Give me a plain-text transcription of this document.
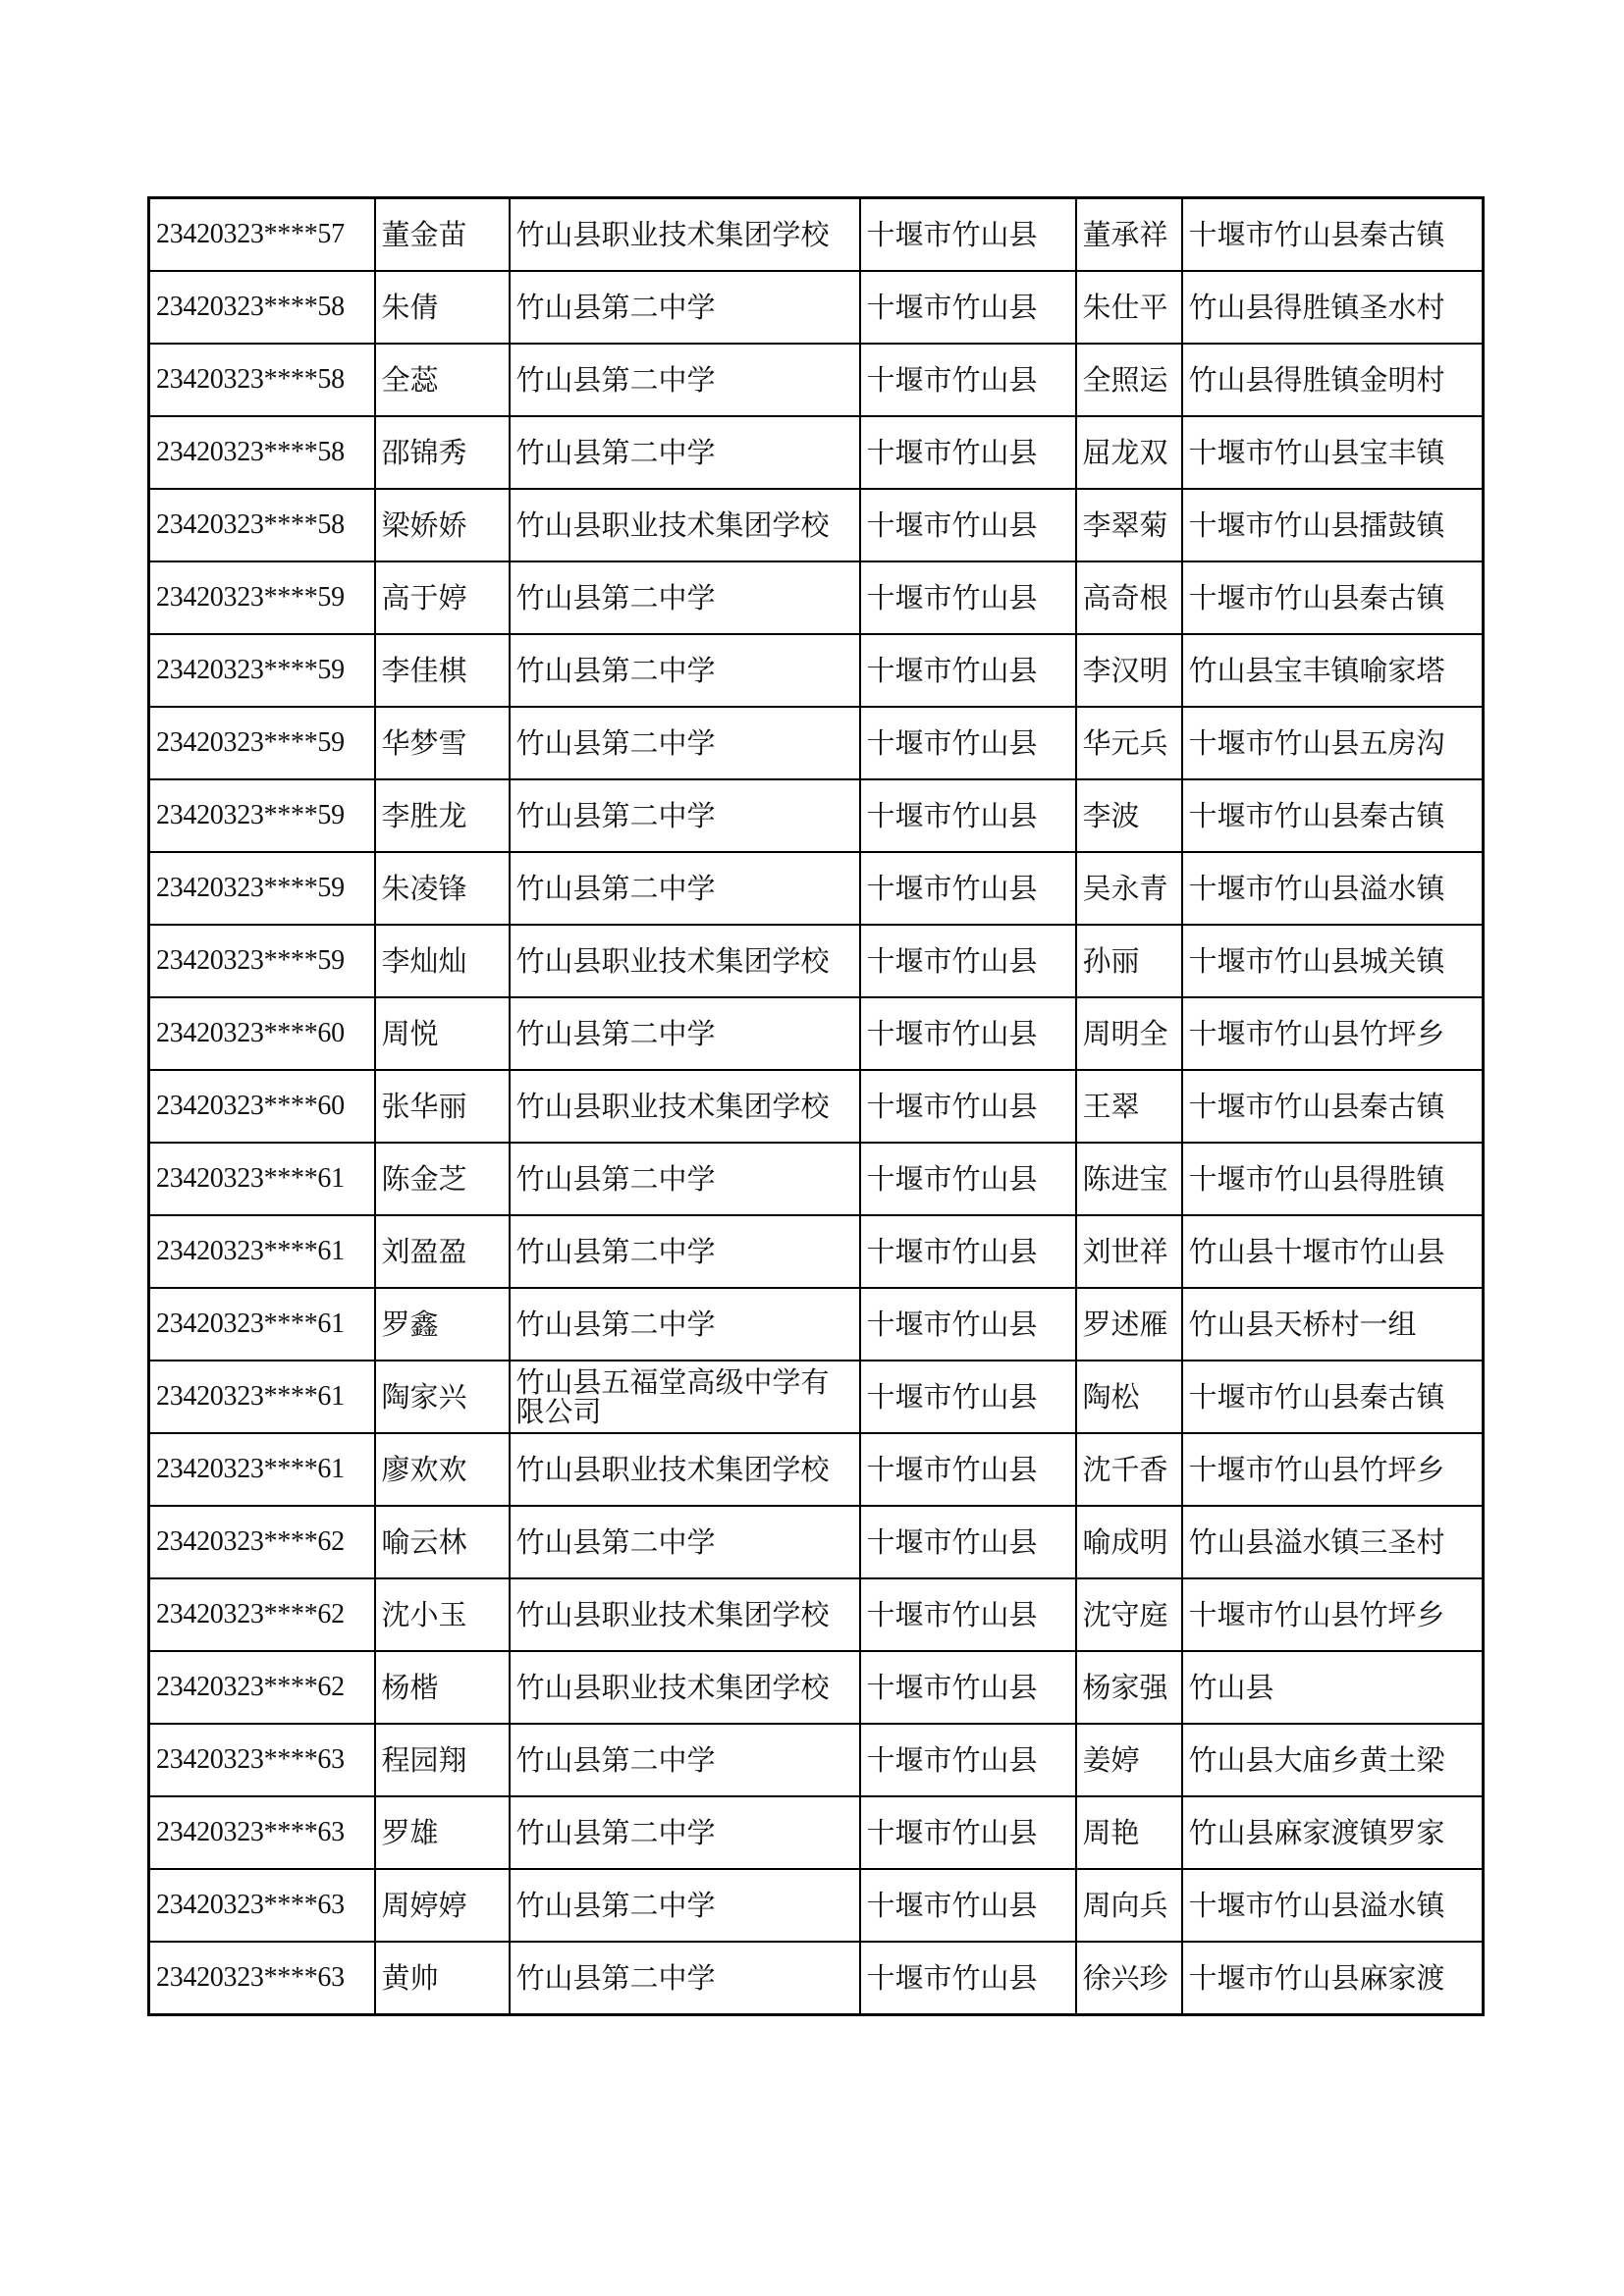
23420323****57	董金苗	竹山县职业技术集团学校	十堰市竹山县	董承祥	十堰市竹山县秦古镇
23420323****58	朱倩	竹山县第二中学	十堰市竹山县	朱仕平	竹山县得胜镇圣水村
23420323****58	全蕊	竹山县第二中学	十堰市竹山县	全照运	竹山县得胜镇金明村
23420323****58	邵锦秀	竹山县第二中学	十堰市竹山县	屈龙双	十堰市竹山县宝丰镇
23420323****58	梁娇娇	竹山县职业技术集团学校	十堰市竹山县	李翠菊	十堰市竹山县擂鼓镇
23420323****59	高于婷	竹山县第二中学	十堰市竹山县	高奇根	十堰市竹山县秦古镇
23420323****59	李佳棋	竹山县第二中学	十堰市竹山县	李汉明	竹山县宝丰镇喻家塔
23420323****59	华梦雪	竹山县第二中学	十堰市竹山县	华元兵	十堰市竹山县五房沟
23420323****59	李胜龙	竹山县第二中学	十堰市竹山县	李波	十堰市竹山县秦古镇
23420323****59	朱凌锋	竹山县第二中学	十堰市竹山县	吴永青	十堰市竹山县溢水镇
23420323****59	李灿灿	竹山县职业技术集团学校	十堰市竹山县	孙丽	十堰市竹山县城关镇
23420323****60	周悦	竹山县第二中学	十堰市竹山县	周明全	十堰市竹山县竹坪乡
23420323****60	张华丽	竹山县职业技术集团学校	十堰市竹山县	王翠	十堰市竹山县秦古镇
23420323****61	陈金芝	竹山县第二中学	十堰市竹山县	陈进宝	十堰市竹山县得胜镇
23420323****61	刘盈盈	竹山县第二中学	十堰市竹山县	刘世祥	竹山县十堰市竹山县
23420323****61	罗鑫	竹山县第二中学	十堰市竹山县	罗述雁	竹山县天桥村一组
23420323****61	陶家兴	竹山县五福堂高级中学有
限公司	十堰市竹山县	陶松	十堰市竹山县秦古镇
23420323****61	廖欢欢	竹山县职业技术集团学校	十堰市竹山县	沈千香	十堰市竹山县竹坪乡
23420323****62	喻云林	竹山县第二中学	十堰市竹山县	喻成明	竹山县溢水镇三圣村
23420323****62	沈小玉	竹山县职业技术集团学校	十堰市竹山县	沈守庭	十堰市竹山县竹坪乡
23420323****62	杨楷	竹山县职业技术集团学校	十堰市竹山县	杨家强	竹山县
23420323****63	程园翔	竹山县第二中学	十堰市竹山县	姜婷	竹山县大庙乡黄土梁
23420323****63	罗雄	竹山县第二中学	十堰市竹山县	周艳	竹山县麻家渡镇罗家
23420323****63	周婷婷	竹山县第二中学	十堰市竹山县	周向兵	十堰市竹山县溢水镇
23420323****63	黄帅	竹山县第二中学	十堰市竹山县	徐兴珍	十堰市竹山县麻家渡
